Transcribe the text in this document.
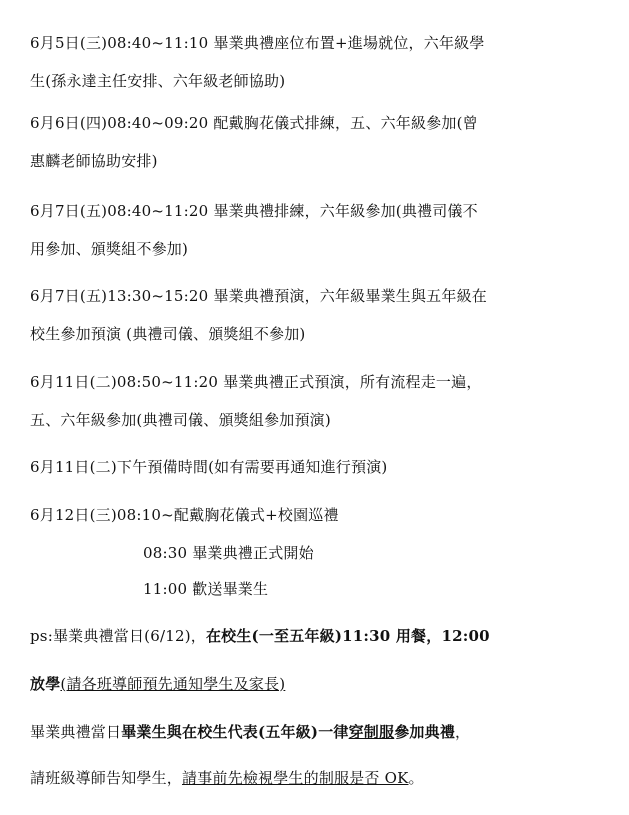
6月5日(三)08:40~11:10 畢業典禮座位布置+進場就位，六年級學
生(孫永達主任安排、六年級老師協助)
6月6日(四)08:40~09:20 配戴胸花儀式排練，五、六年級參加(曾
惠麟老師協助安排)
6月7日(五)08:40~11:20 畢業典禮排練，六年級參加(典禮司儀不
用參加、頒獎組不參加)
6月7日(五)13:30~15:20 畢業典禮預演，六年級畢業生與五年級在
校生參加預演 (典禮司儀、頒獎組不參加)
6月11日(二)08:50~11:20 畢業典禮正式預演，所有流程走一遍，
五、六年級參加(典禮司儀、頒獎組參加預演)
6月11日(二)下午預備時間(如有需要再通知進行預演)
6月12日(三)08:10~配戴胸花儀式+校園巡禮
08:30 畢業典禮正式開始
11:00 歡送畢業生
ps:畢業典禮當日(6/12)，在校生(一至五年級)11:30 用餐，12:00
放學(請各班導師預先通知學生及家長)
畢業典禮當日畢業生與在校生代表(五年級)一律穿制服參加典禮，
請班級導師告知學生，請事前先檢視學生的制服是否 OK。
